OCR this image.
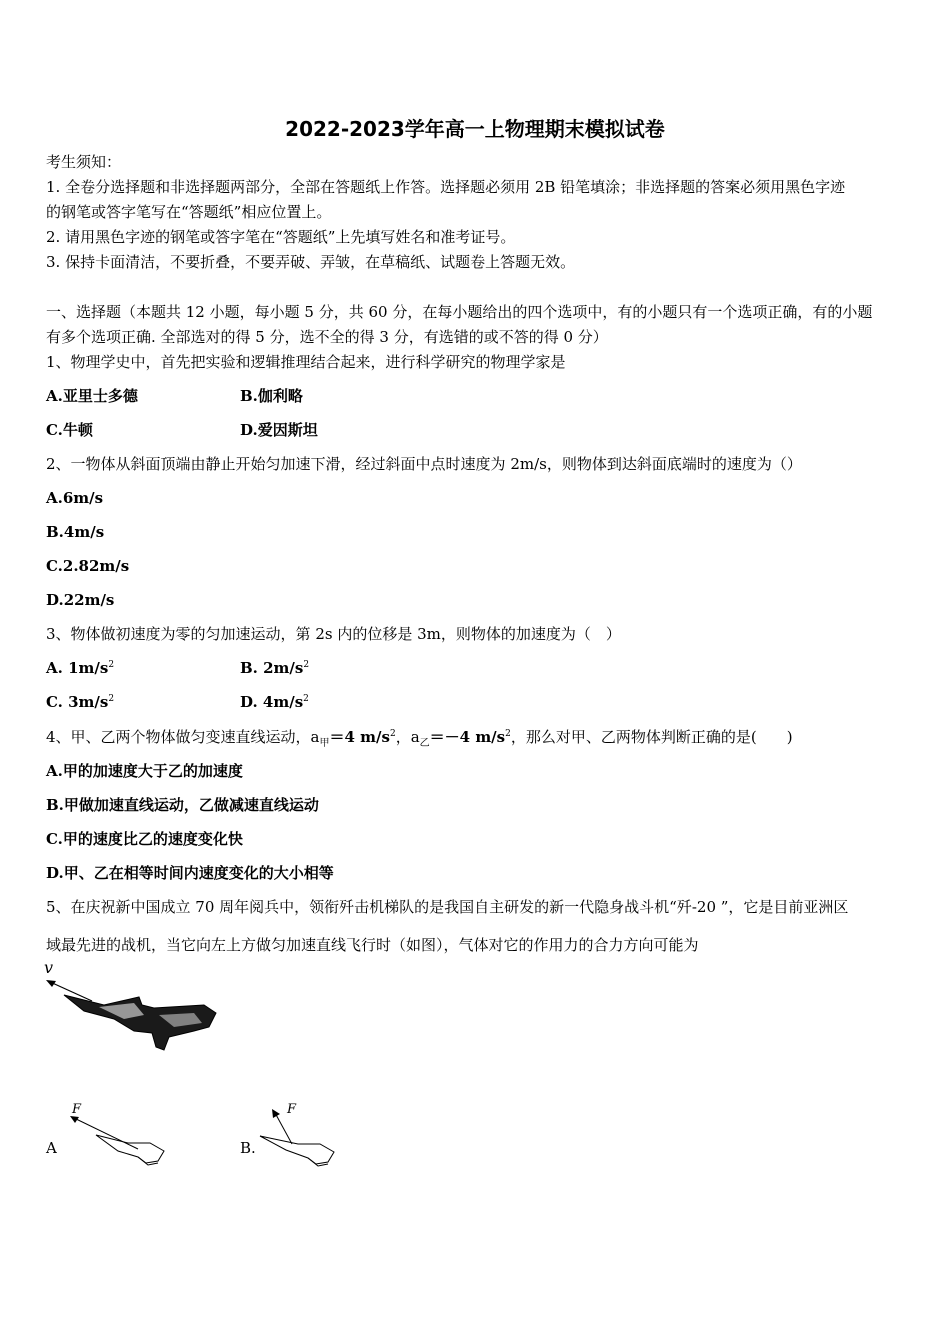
2022-2023学年高一上物理期末模拟试卷
考生须知：
1. 全卷分选择题和非选择题两部分，全部在答题纸上作答。选择题必须用 2B 铅笔填涂；非选择题的答案必须用黑色字迹
的钢笔或答字笔写在“答题纸”相应位置上。
2. 请用黑色字迹的钢笔或答字笔在“答题纸”上先填写姓名和准考证号。
3. 保持卡面清洁，不要折叠，不要弄破、弄皱，在草稿纸、试题卷上答题无效。
一、选择题（本题共 12 小题，每小题 5 分，共 60 分，在每小题给出的四个选项中，有的小题只有一个选项正确，有的小题
有多个选项正确. 全部选对的得 5 分，选不全的得 3 分，有选错的或不答的得 0 分）
1、物理学史中，首先把实验和逻辑推理结合起来，进行科学研究的物理学家是
A.亚里士多德	B.伽利略
C.牛顿	D.爱因斯坦
2、一物体从斜面顶端由静止开始匀加速下滑，经过斜面中点时速度为 2m/s，则物体到达斜面底端时的速度为（）
A.6m/s
B.4m/s
C.2.82m/s
D.22m/s
3、物体做初速度为零的匀加速运动，第 2s 内的位移是 3m，则物体的加速度为（　）
A. $1m/s^2$	B. $2m/s^2$
C. $3m/s^2$	D. $4m/s^2$
4、甲、乙两个物体做匀变速直线运动，$a_甲=4$ $m/s^2$，$a_乙=-4$ $m/s^2$，那么对甲、乙两物体判断正确的是(　　)
A.甲的加速度大于乙的加速度
B.甲做加速直线运动，乙做减速直线运动
C.甲的速度比乙的速度变化快
D.甲、乙在相等时间内速度变化的大小相等
5、在庆祝新中国成立 70 周年阅兵中，领衔歼击机梯队的是我国自主研发的新一代隐身战斗机“歼-20 ”，它是目前亚洲区
域最先进的战机，当它向左上方做匀加速直线飞行时（如图），气体对它的作用力的合力方向可能为
v
A
F
B.
F
